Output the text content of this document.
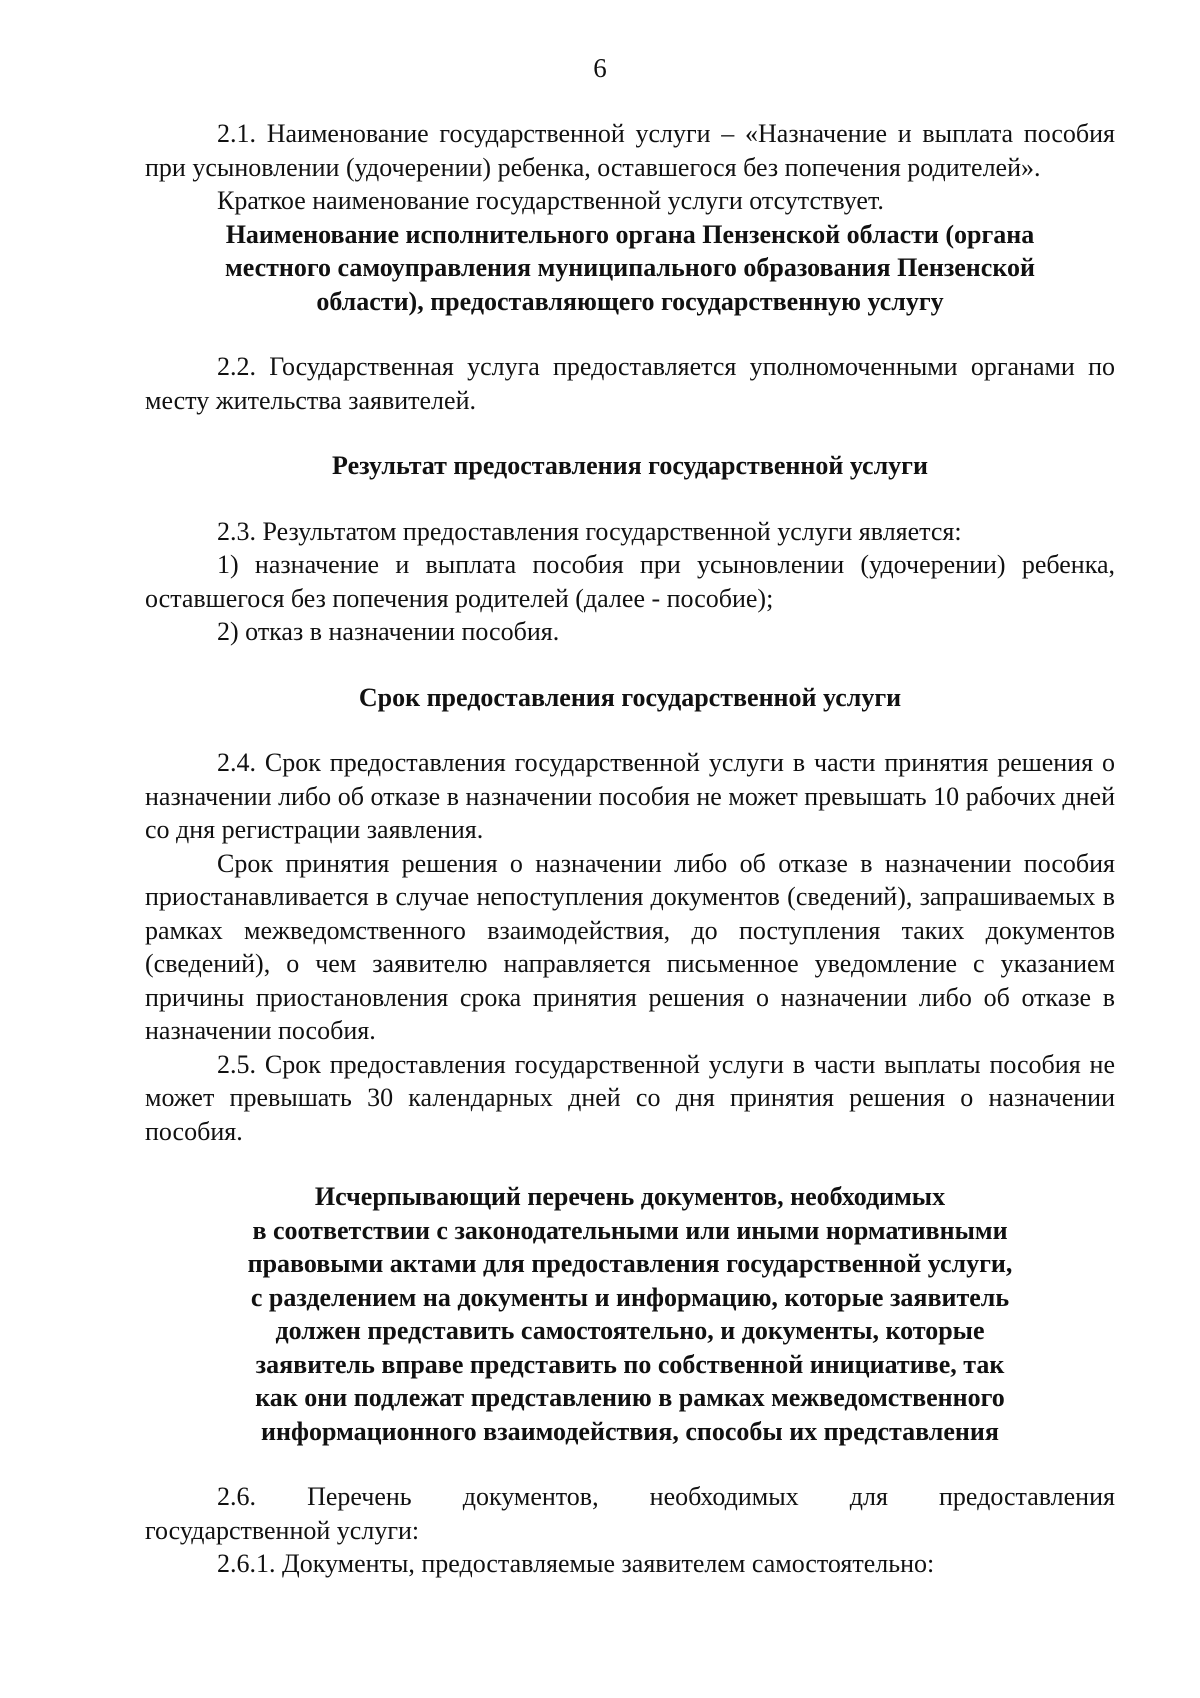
6

2.1. Наименование государственной услуги – «Назначение и выплата пособия при усыновлении (удочерении) ребенка, оставшегося без попечения родителей».

Краткое наименование государственной услуги отсутствует.

Наименование исполнительного органа Пензенской области (органа
местного самоуправления муниципального образования Пензенской
области), предоставляющего государственную услугу

2.2. Государственная услуга предоставляется уполномоченными органами по месту жительства заявителей.

Результат предоставления государственной услуги

2.3. Результатом предоставления государственной услуги является:

1) назначение и выплата пособия при усыновлении (удочерении) ребенка, оставшегося без попечения родителей (далее - пособие);

2) отказ в назначении пособия.

Срок предоставления государственной услуги

2.4. Срок предоставления государственной услуги в части принятия решения о назначении либо об отказе в назначении пособия не может превышать 10 рабочих дней со дня регистрации заявления.

Срок принятия решения о назначении либо об отказе в назначении пособия приостанавливается в случае непоступления документов (сведений), запрашиваемых в рамках межведомственного взаимодействия, до поступления таких документов (сведений), о чем заявителю направляется письменное уведомление с указанием причины приостановления срока принятия решения о назначении либо об отказе в назначении пособия.

2.5. Срок предоставления государственной услуги в части выплаты пособия не может превышать 30 календарных дней со дня принятия решения о назначении пособия.

Исчерпывающий перечень документов, необходимых
в соответствии с законодательными или иными нормативными
правовыми актами для предоставления государственной услуги,
с разделением на документы и информацию, которые заявитель
должен представить самостоятельно, и документы, которые
заявитель вправе представить по собственной инициативе, так
как они подлежат представлению в рамках межведомственного
информационного взаимодействия, способы их представления
2.6. Перечень документов, необходимых для предоставления

государственной услуги:

2.6.1. Документы, предоставляемые заявителем самостоятельно:
